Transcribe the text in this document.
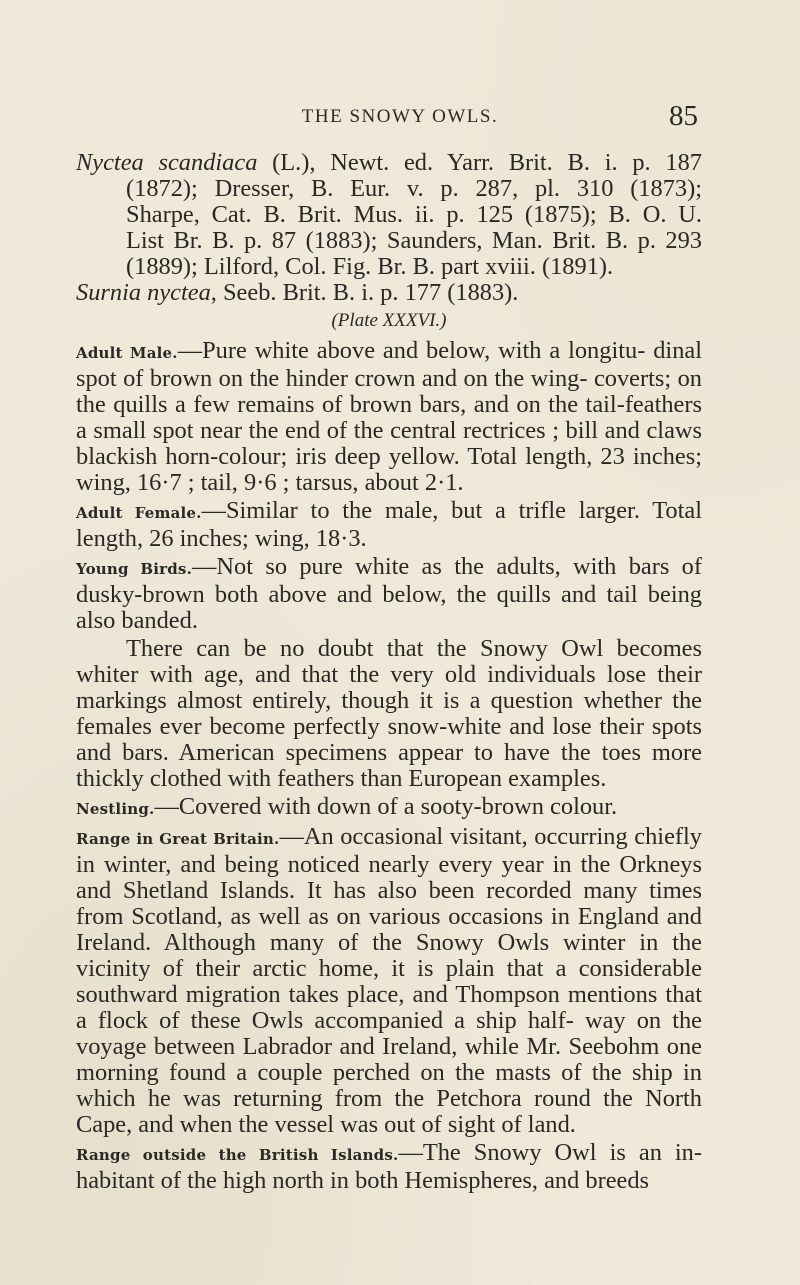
THE SNOWY OWLS.	85

Nyctea scandiaca (L.), Newt. ed. Yarr. Brit. B. i. p. 187
(1872); Dresser, B. Eur. v. p. 287, pl. 310 (1873);
Sharpe, Cat. B. Brit. Mus. ii. p. 125 (1875); B. O. U.
List Br. B. p. 87 (1883); Saunders, Man. Brit. B. p. 293
(1889); Lilford, Col. Fig. Br. B. part xviii. (1891).
Surnia nyctea, Seeb. Brit. B. i. p. 177 (1883).

(Plate XXXVI.)

Adult Male.—Pure white above and below, with a longitu- dinal spot of brown on the hinder crown and on the wing- coverts; on the quills a few remains of brown bars, and on the tail-feathers a small spot near the end of the central rectrices ; bill and claws blackish horn-colour; iris deep yellow. Total length, 23 inches; wing, 16·7 ; tail, 9·6 ; tarsus, about 2·1.

Adult Female.—Similar to the male, but a trifle larger. Total length, 26 inches; wing, 18·3.

Young Birds.—Not so pure white as the adults, with bars of dusky-brown both above and below, the quills and tail being also banded.

There can be no doubt that the Snowy Owl becomes whiter with age, and that the very old individuals lose their markings almost entirely, though it is a question whether the females ever become perfectly snow-white and lose their spots and bars. American specimens appear to have the toes more thickly clothed with feathers than European examples.

Nestling.—Covered with down of a sooty-brown colour.

Range in Great Britain.—An occasional visitant, occurring chiefly in winter, and being noticed nearly every year in the Orkneys and Shetland Islands. It has also been recorded many times from Scotland, as well as on various occasions in England and Ireland. Although many of the Snowy Owls winter in the vicinity of their arctic home, it is plain that a considerable southward migration takes place, and Thompson mentions that a flock of these Owls accompanied a ship half- way on the voyage between Labrador and Ireland, while Mr. Seebohm one morning found a couple perched on the masts of the ship in which he was returning from the Petchora round the North Cape, and when the vessel was out of sight of land.

Range outside the British Islands.—The Snowy Owl is an in- habitant of the high north in both Hemispheres, and breeds
